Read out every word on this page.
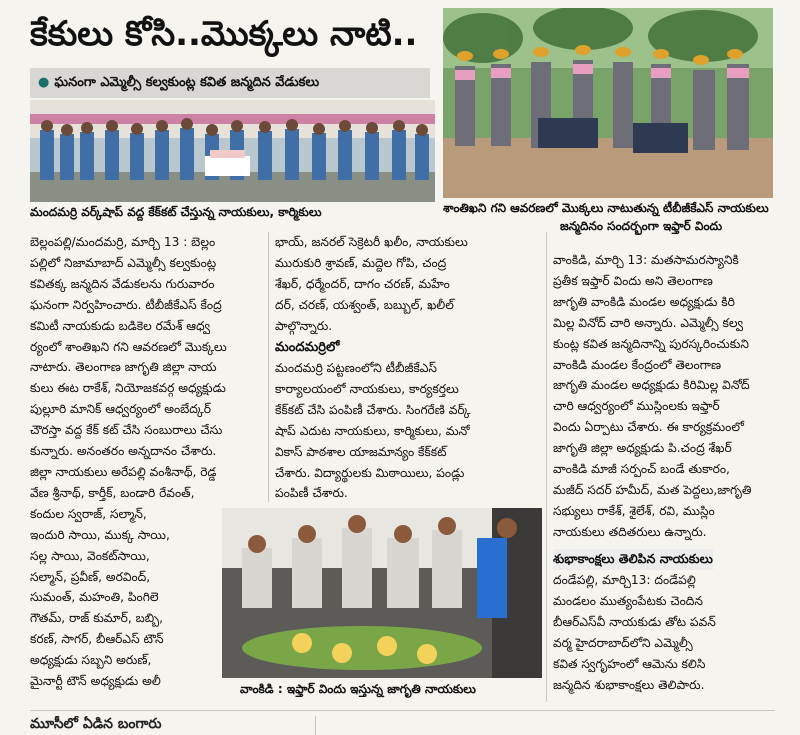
కేకులు కోసి..మొక్కలు నాటి..
● ఘనంగా ఎమ్మెల్సీ కల్వకుంట్ల కవిత జన్మదిన వేడుకలు
మందమర్రి వర్క్‌షాప్ వద్ద కేక్‌కట్ చేస్తున్న నాయకులు, కార్మికులు	శాంతిఖని గని ఆవరణలో మొక్కలు నాటుతున్న టీబీజీకేఎస్ నాయకులు
జన్మదినం సందర్భంగా ఇఫ్తార్ విందు
బెల్లంపల్లి/మందమర్రి, మార్చి 13 : బెల్లం
పల్లిలో నిజామాబాద్ ఎమ్మెల్సీ కల్వకుంట్ల
కవితక్క జన్మదిన వేడుకలను గురువారం
ఘనంగా నిర్వహించారు. టీబీజీకేఎస్ కేంద్ర
కమిటీ నాయకుడు బడికెల రమేశ్ ఆధ్వ
ర్యంలో శాంతిఖని గని ఆవరణలో మొక్కలు
నాటారు. తెలంగాణ జాగృతి జిల్లా నాయ
కులు ఈట రాకేశ్, నియోజకవర్గ అధ్యక్షుడు
పుల్లూరి మానిక్ ఆధ్వర్యంలో అంబేద్కర్
చౌరస్తా వద్ద కేక్ కట్ చేసి సంబురాలు చేసు
కున్నారు. అనంతరం అన్నదానం చేశారు.
జిల్లా నాయకులు అరేపల్లి వంశీనాథ్, రెడ్డ
వేణ శ్రీనాథ్, కార్తీక్, బండారి రేవంత్,
కందుల స్వరాజ్, సల్మాన్,
ఇందురి సాయి, ముక్క సాయి,
సల్ల సాయి, వెంకట్‌సాయి,
సల్మాన్, ప్రవీణ్, అరవింద్,
సుమంత్, మహంతి, పింగిలె
గౌతమ్, రాజ్ కుమార్, బబ్బి,
కరణ్, సాగర్, బీఆర్ఎస్ టౌన్
అధ్యక్షుడు సబ్బని అరుణ్,
మైనార్టీ టౌన్ అధ్యక్షుడు అలీ
భాయ్, జనరల్ సెక్రెటరీ ఖలీం, నాయకులు
మురుకురి శ్రావణ్, మద్దెల గోపి, చంద్ర
శేఖర్, ధర్మేందర్, దాగం చరణ్, మహేం
దర్, చరణ్, యశ్వంత్, బబ్బుల్, ఖలీల్
పాల్గొన్నారు.
మందమర్రిలో
మందమర్రి పట్టణంలోని టీబీజీకేఎస్
కార్యాలయంలో నాయకులు, కార్యకర్తలు
కేక్‌కట్ చేసి పంపిణీ చేశారు. సింగరేణి వర్క్
షాప్ ఎదుట నాయకులు, కార్మికులు, మనో
వికాస్ పాఠశాల యాజమాన్యం కేక్‌కట్
చేశారు. విద్యార్థులకు మిఠాయిలు, పండ్లు
పంపిణీ చేశారు.
వాంకిడి, మార్చి 13: మతసామరస్యానికి
ప్రతీక ఇఫ్తార్ విందు అని తెలంగాణ
జాగృతి వాంకిడి మండల అధ్యక్షుడు కిరి
మిల్ల వినోద్ చారి అన్నారు. ఎమ్మెల్సీ కల్వ
కుంట్ల కవిత జన్మదినాన్ని పురస్కరించుకుని
వాంకిడి మండల కేంద్రంలో తెలంగాణ
జాగృతి మండల అధ్యక్షుడు కిరిమిల్ల వినోద్
చారి ఆధ్వర్యంలో ముస్లింలకు ఇఫ్తార్
విందు ఏర్పాటు చేశారు. ఈ కార్యక్రమంలో
జాగృతి జిల్లా అధ్యక్షుడు పి.చంద్ర శేఖర్
వాంకిడి మాజీ సర్పంచ్ బండే తుకారం,
మజీద్ సదర్ హమీద్, మత పెద్దలు,జాగృతి
సభ్యులు రాకేశ్, శైలేశ్, రవి, ముస్లిం
నాయకులు తదితరులు ఉన్నారు.
శుభాకాంక్షలు తెలిపిన నాయకులు
దండేపల్లి, మార్చి13: దండేపల్లి
మండలం ముత్యంపేటకు చెందిన
బీఆర్ఎస్‌వీ నాయకుడు తోట పవన్
వర్మ హైదరాబాద్‌లోని ఎమ్మెల్సీ
కవిత స్వగృహంలో ఆమెను కలిసి
జన్మదిన శుభాకాంక్షలు తెలిపారు.
వాంకిడి : ఇఫ్తార్ విందు ఇస్తున్న జాగృతి నాయకులు
మూసీలో ఏడిన బంగారు
